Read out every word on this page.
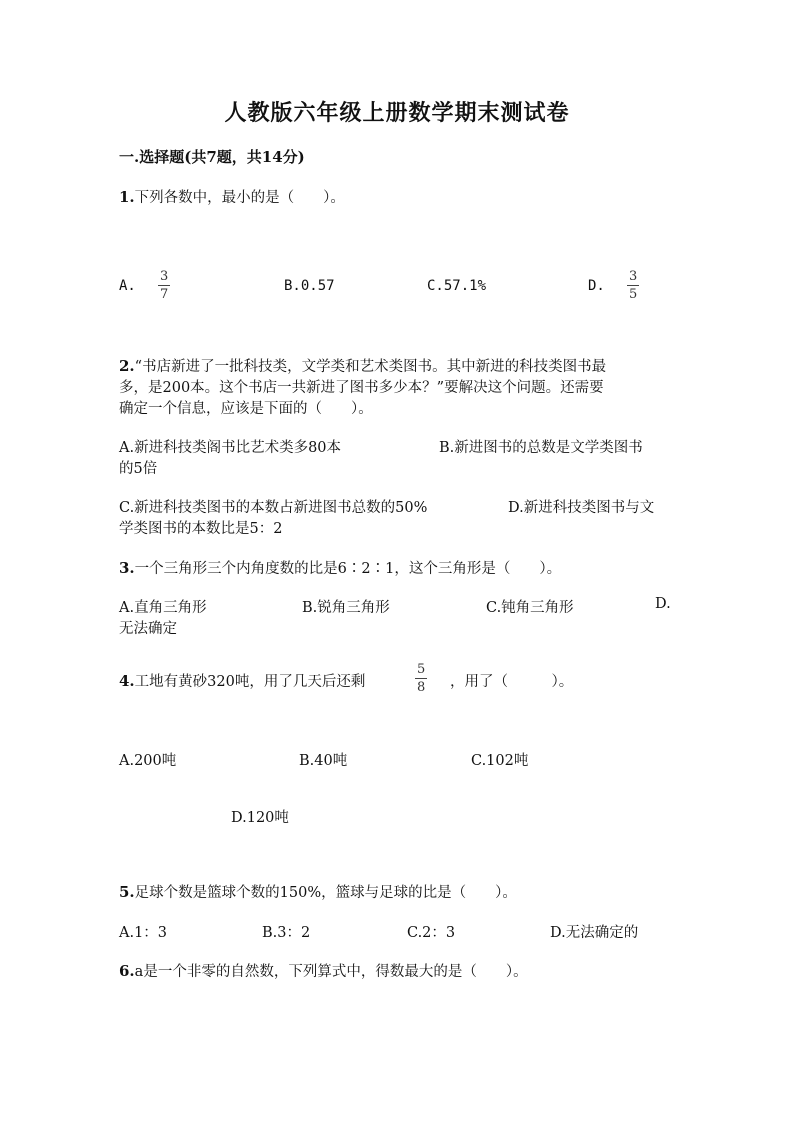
人教版六年级上册数学期末测试卷
一.选择题(共7题，共14分)
1.下列各数中，最小的是（　　）。
A.
3
7
B.0.57	C.57.1%	D.
3
5
2.“书店新进了一批科技类，文学类和艺术类图书。其中新进的科技类图书最
多，是200本。这个书店一共新进了图书多少本？”要解决这个问题。还需要
确定一个信息，应该是下面的（　　）。
A.新进科技类阁书比艺术类多80本	B.新进图书的总数是文学类图书
的5倍
C.新进科技类图书的本数占新进图书总数的50%	D.新进科技类图书与文
学类图书的本数比是5：2
3.一个三角形三个内角度数的比是6∶2∶1，这个三角形是（　　）。
A.直角三角形	B.锐角三角形	C.钝角三角形	D.
无法确定
4.工地有黄砂320吨，用了几天后还剩
5
8 ，用了（　　　）。
A.200吨	B.40吨	C.102吨
D.120吨
5.足球个数是篮球个数的150%，篮球与足球的比是（　　）。
A.1：3	B.3：2	C.2：3	D.无法确定的
6.a是一个非零的自然数，下列算式中，得数最大的是（　　）。
